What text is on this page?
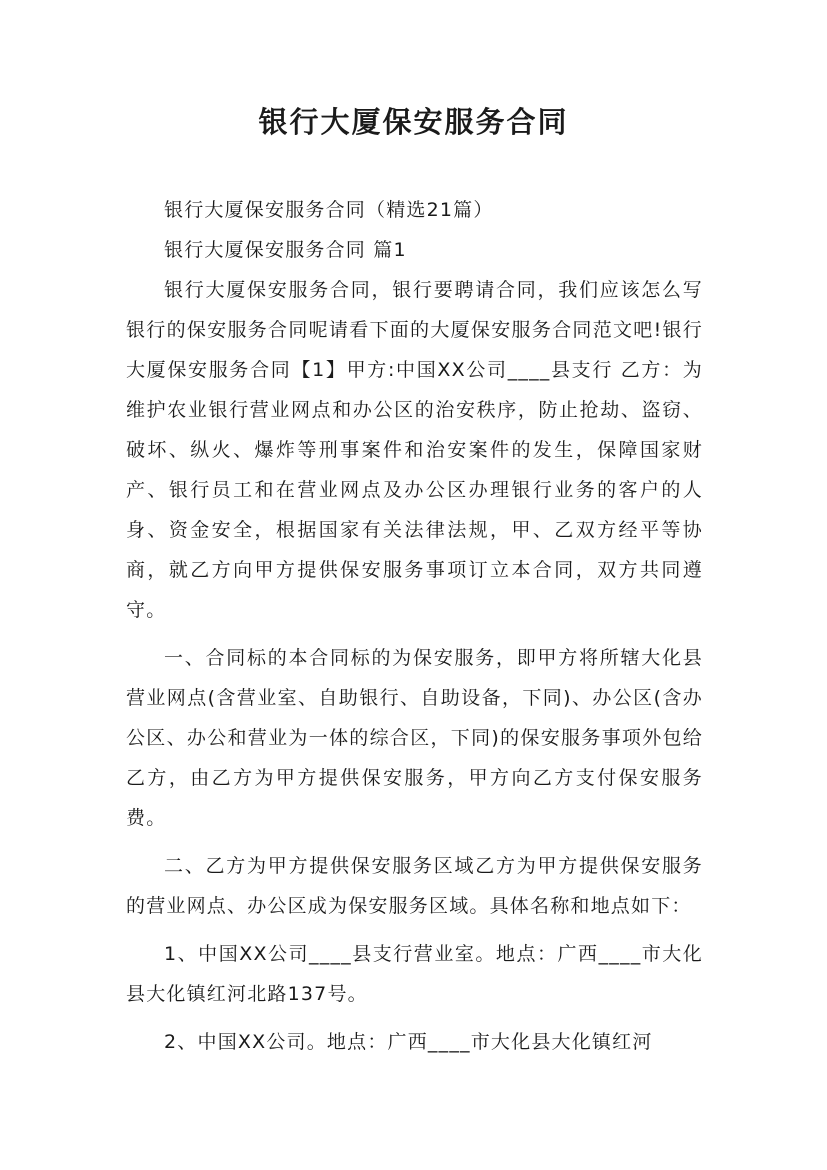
银行大厦保安服务合同

银行大厦保安服务合同（精选21篇）

银行大厦保安服务合同 篇1

银行大厦保安服务合同，银行要聘请合同，我们应该怎么写银行的保安服务合同呢请看下面的大厦保安服务合同范文吧!银行大厦保安服务合同【1】甲方:中国XX公司____县支行 乙方：为维护农业银行营业网点和办公区的治安秩序，防止抢劫、盗窃、破坏、纵火、爆炸等刑事案件和治安案件的发生，保障国家财产、银行员工和在营业网点及办公区办理银行业务的客户的人身、资金安全，根据国家有关法律法规，甲、乙双方经平等协商，就乙方向甲方提供保安服务事项订立本合同，双方共同遵守。

一、合同标的本合同标的为保安服务，即甲方将所辖大化县营业网点(含营业室、自助银行、自助设备，下同)、办公区(含办公区、办公和营业为一体的综合区，下同)的保安服务事项外包给乙方，由乙方为甲方提供保安服务，甲方向乙方支付保安服务费。

二、乙方为甲方提供保安服务区域乙方为甲方提供保安服务的营业网点、办公区成为保安服务区域。具体名称和地点如下：

1、中国XX公司____县支行营业室。地点：广西____市大化县大化镇红河北路137号。

2、中国XX公司。地点：广西____市大化县大化镇红河
